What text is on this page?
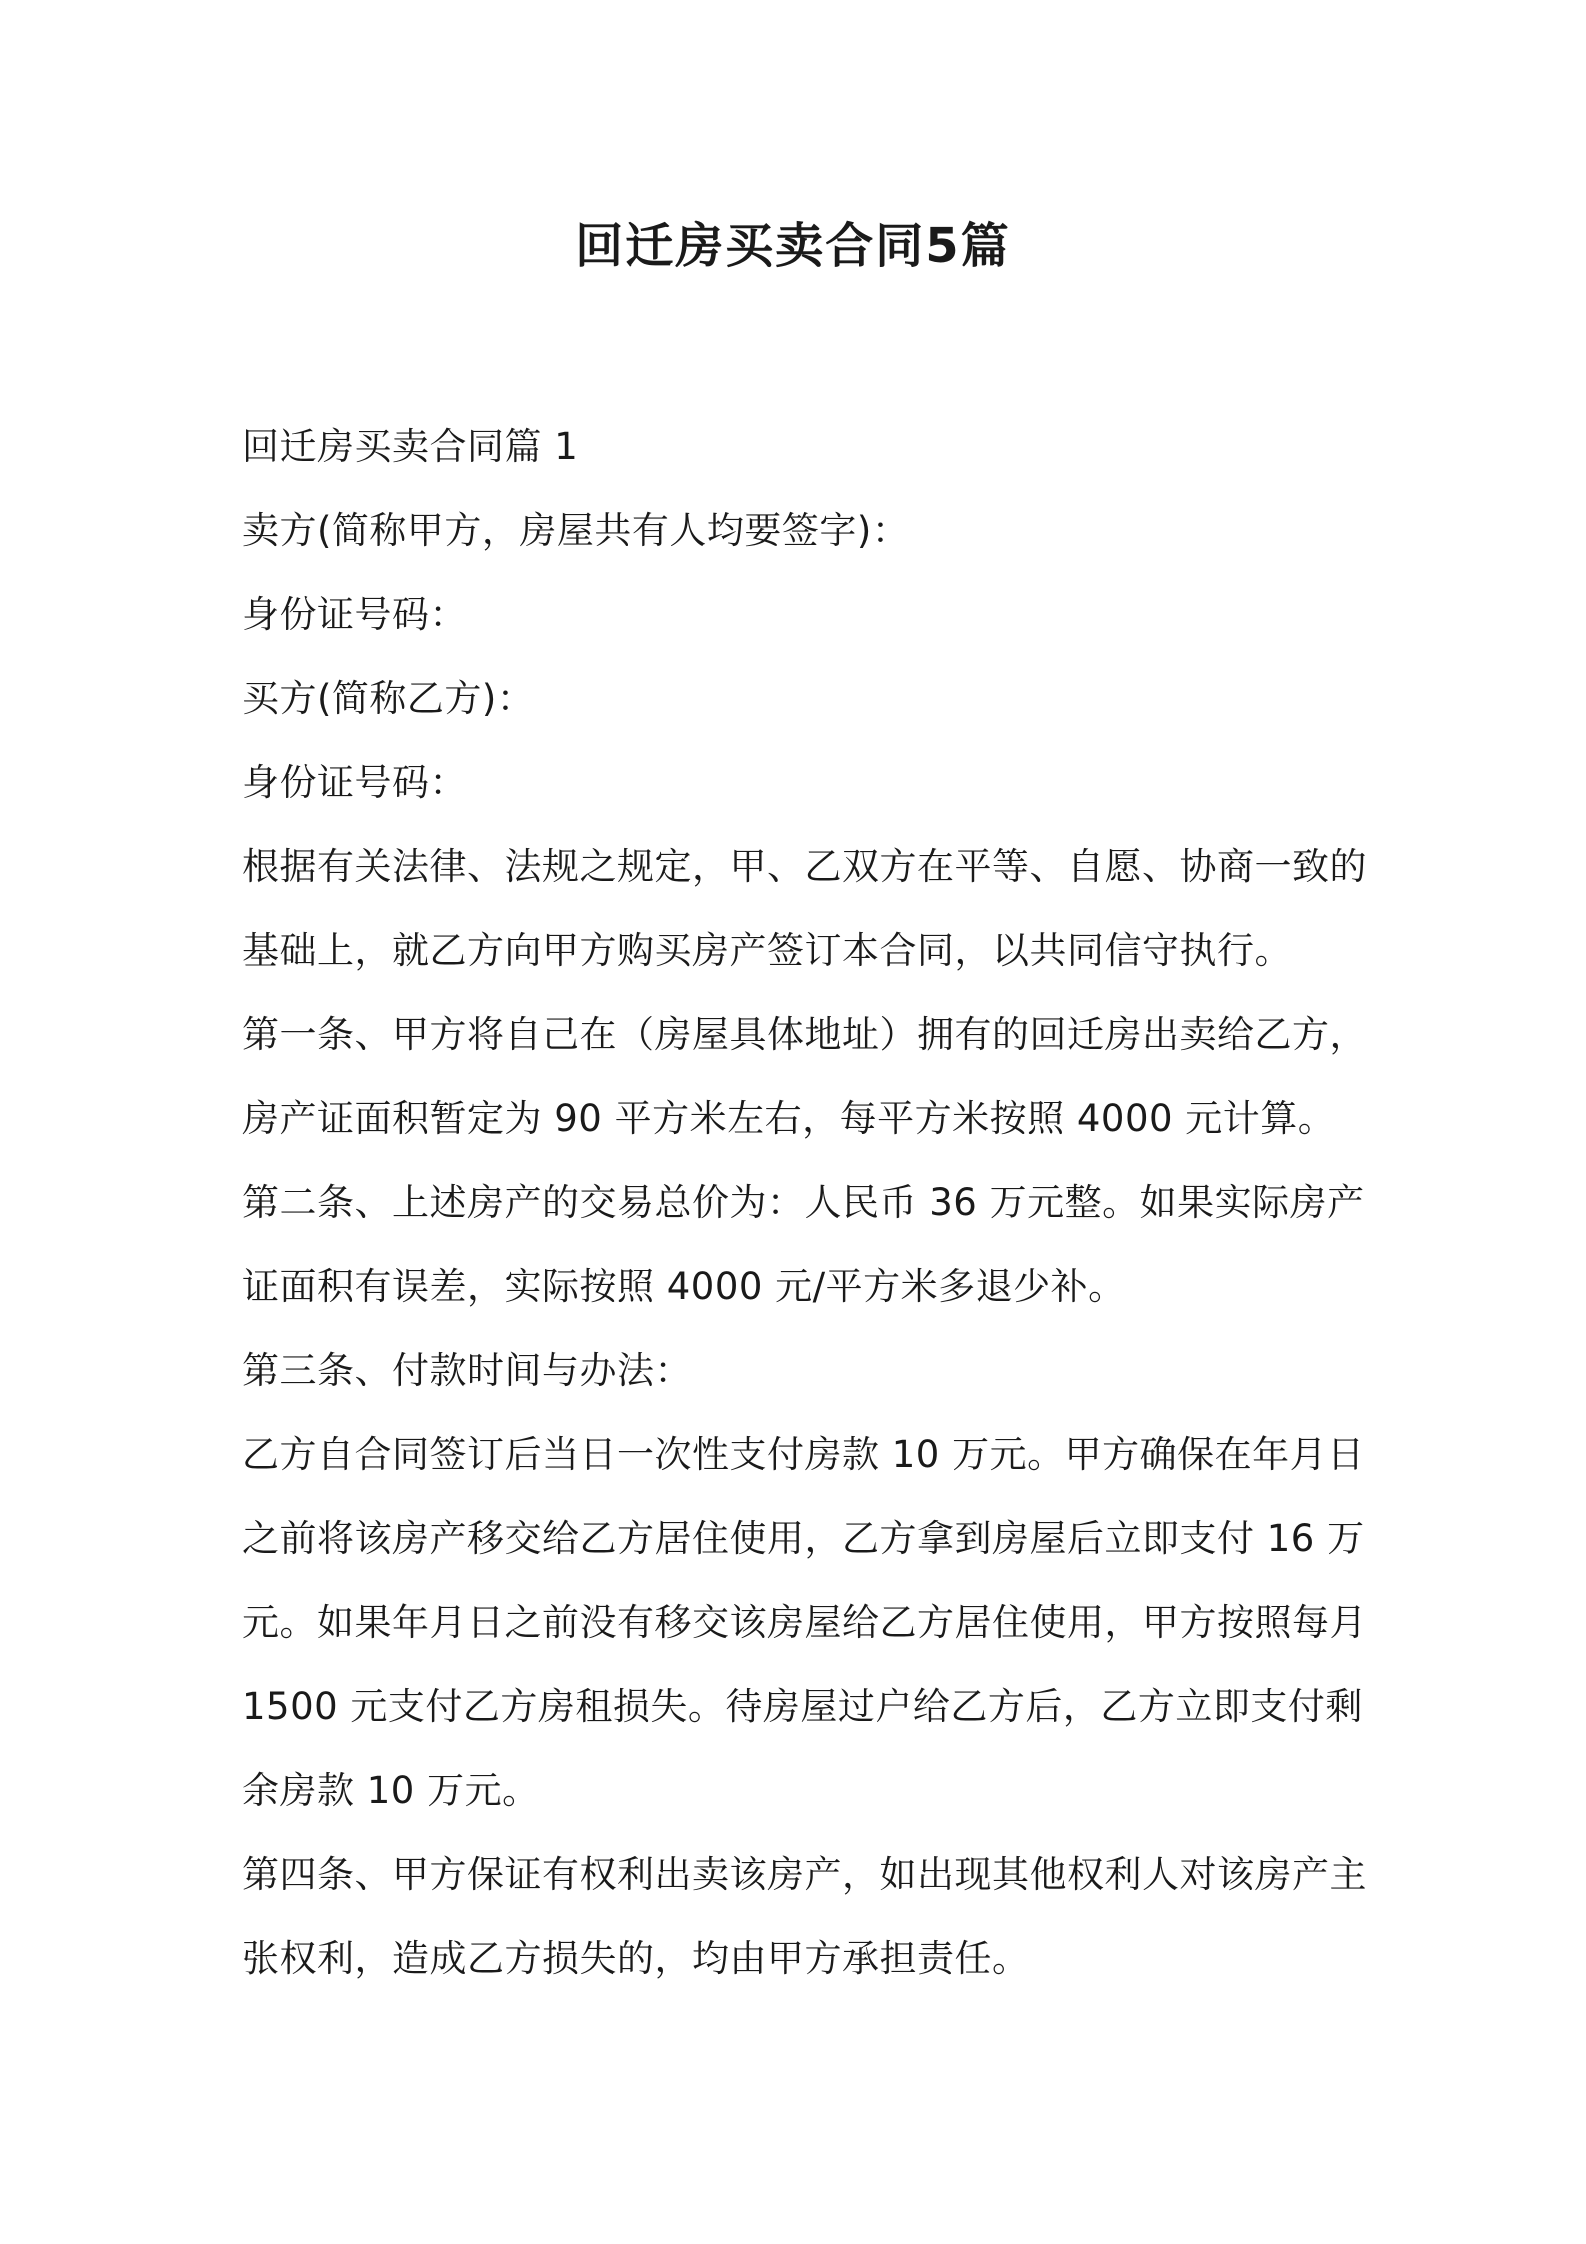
回迁房买卖合同5篇

回迁房买卖合同篇 1

卖方(简称甲方，房屋共有人均要签字)：

身份证号码：

买方(简称乙方)：

身份证号码：

根据有关法律、法规之规定，甲、乙双方在平等、自愿、协商一致的

基础上，就乙方向甲方购买房产签订本合同，以共同信守执行。

第一条、甲方将自己在（房屋具体地址）拥有的回迁房出卖给乙方，

房产证面积暂定为 90 平方米左右，每平方米按照 4000 元计算。

第二条、上述房产的交易总价为：人民币 36 万元整。如果实际房产

证面积有误差，实际按照 4000 元/平方米多退少补。

第三条、付款时间与办法：

乙方自合同签订后当日一次性支付房款 10 万元。甲方确保在年月日

之前将该房产移交给乙方居住使用，乙方拿到房屋后立即支付 16 万

元。如果年月日之前没有移交该房屋给乙方居住使用，甲方按照每月

1500 元支付乙方房租损失。待房屋过户给乙方后，乙方立即支付剩

余房款 10 万元。

第四条、甲方保证有权利出卖该房产，如出现其他权利人对该房产主

张权利，造成乙方损失的，均由甲方承担责任。
